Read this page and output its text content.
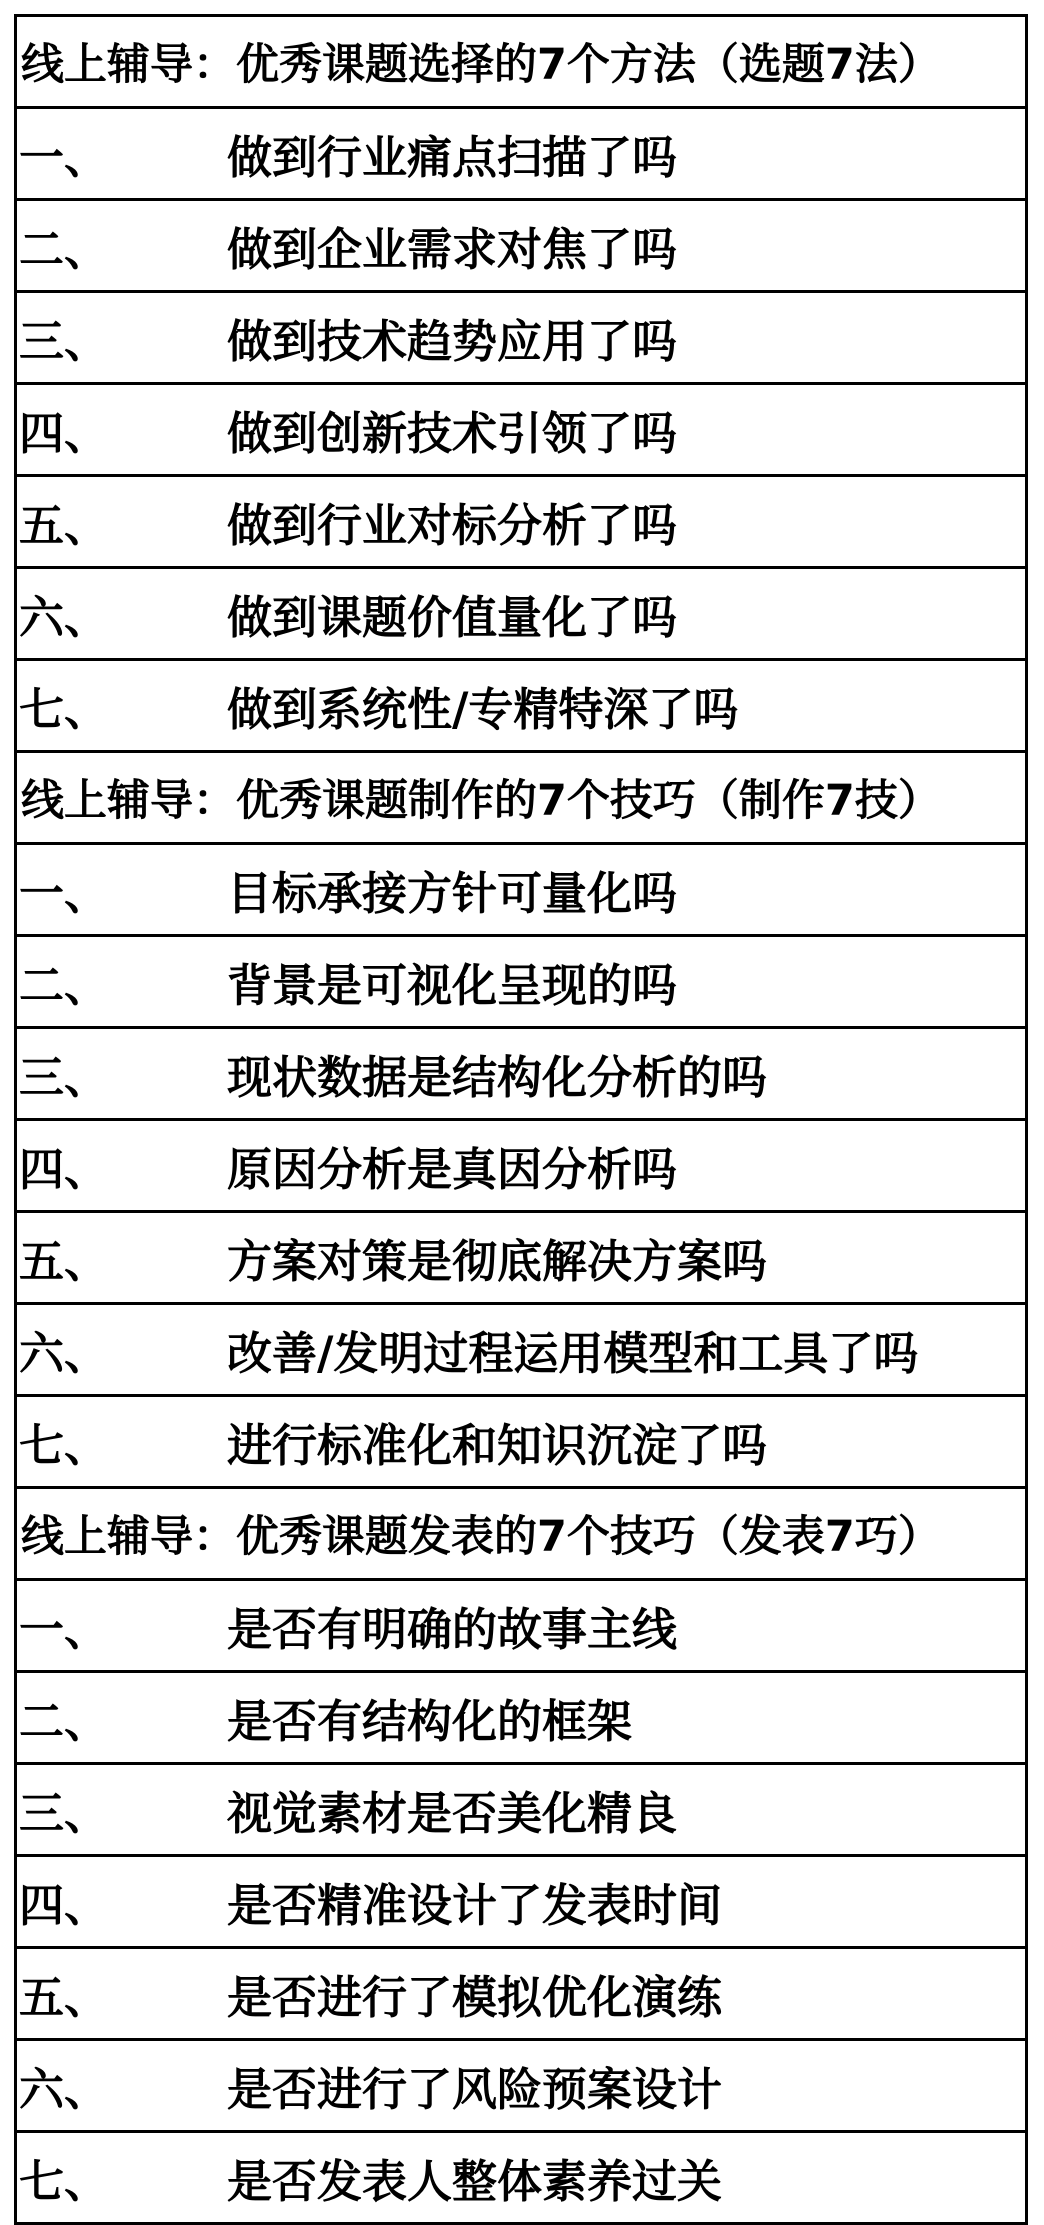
线上辅导：优秀课题选择的7个方法（选题7法）
一、	做到行业痛点扫描了吗
二、	做到企业需求对焦了吗
三、	做到技术趋势应用了吗
四、	做到创新技术引领了吗
五、	做到行业对标分析了吗
六、	做到课题价值量化了吗
七、	做到系统性/专精特深了吗
线上辅导：优秀课题制作的7个技巧（制作7技）
一、	目标承接方针可量化吗
二、	背景是可视化呈现的吗
三、	现状数据是结构化分析的吗
四、	原因分析是真因分析吗
五、	方案对策是彻底解决方案吗
六、	改善/发明过程运用模型和工具了吗
七、	进行标准化和知识沉淀了吗
线上辅导：优秀课题发表的7个技巧（发表7巧）
一、	是否有明确的故事主线
二、	是否有结构化的框架
三、	视觉素材是否美化精良
四、	是否精准设计了发表时间
五、	是否进行了模拟优化演练
六、	是否进行了风险预案设计
七、	是否发表人整体素养过关
